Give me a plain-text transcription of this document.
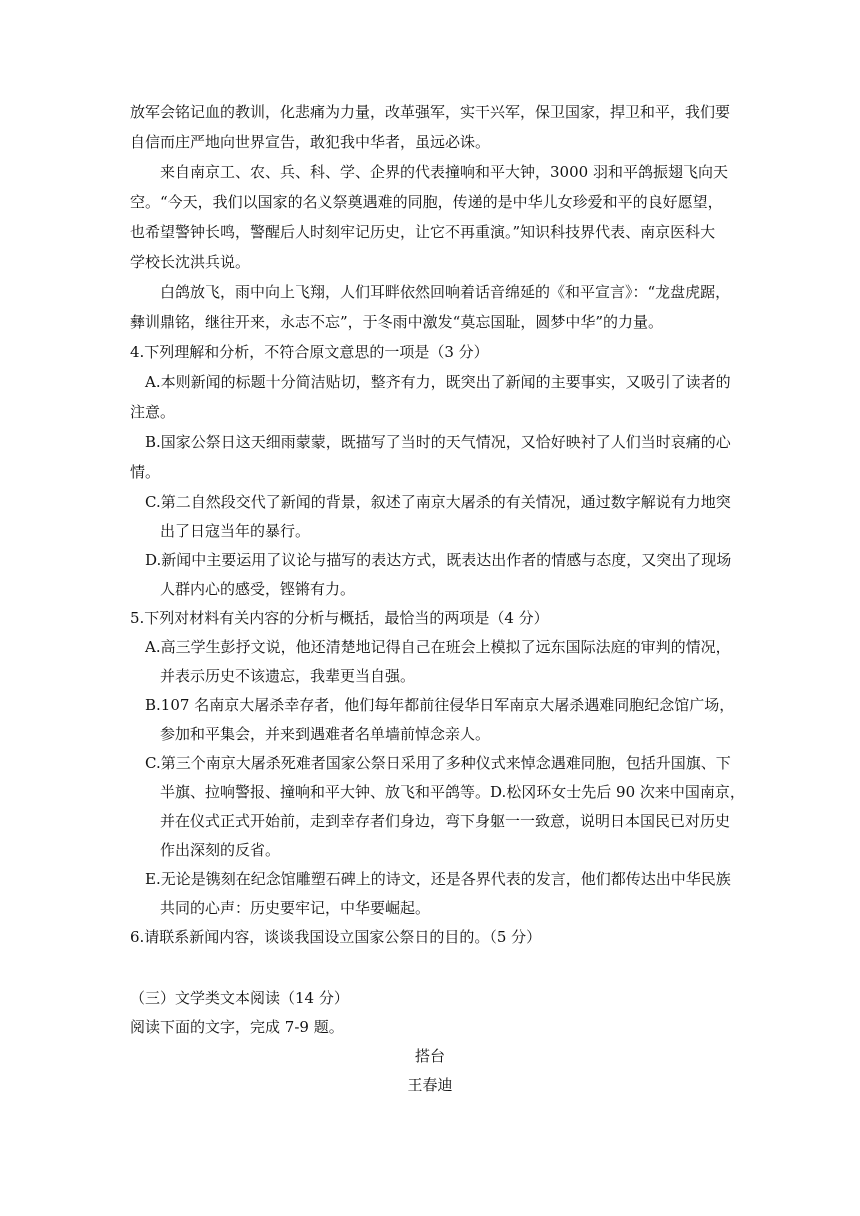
放军会铭记血的教训，化悲痛为力量，改革强军，实干兴军，保卫国家，捍卫和平，我们要
自信而庄严地向世界宣告，敢犯我中华者，虽远必诛。
来自南京工、农、兵、科、学、企界的代表撞响和平大钟，3000 羽和平鸽振翅飞向天
空。“今天，我们以国家的名义祭奠遇难的同胞，传递的是中华儿女珍爱和平的良好愿望，
也希望警钟长鸣，警醒后人时刻牢记历史，让它不再重演。”知识科技界代表、南京医科大
学校长沈洪兵说。
白鸽放飞，雨中向上飞翔，人们耳畔依然回响着话音绵延的《和平宣言》：“龙盘虎踞，
彝训鼎铭，继往开来，永志不忘”，于冬雨中激发“莫忘国耻，圆梦中华”的力量。
4.下列理解和分析，不符合原文意思的一项是（3 分）
A.本则新闻的标题十分简洁贴切，整齐有力，既突出了新闻的主要事实，又吸引了读者的
注意。
B.国家公祭日这天细雨蒙蒙，既描写了当时的天气情况，又恰好映衬了人们当时哀痛的心
情。
C.第二自然段交代了新闻的背景，叙述了南京大屠杀的有关情况，通过数字解说有力地突
出了日寇当年的暴行。
D.新闻中主要运用了议论与描写的表达方式，既表达出作者的情感与态度，又突出了现场
人群内心的感受，铿锵有力。
5.下列对材料有关内容的分析与概括，最恰当的两项是（4 分）
A.高三学生彭抒文说，他还清楚地记得自己在班会上模拟了远东国际法庭的审判的情况，
并表示历史不该遗忘，我辈更当自强。
B.107 名南京大屠杀幸存者，他们每年都前往侵华日军南京大屠杀遇难同胞纪念馆广场，
参加和平集会，并来到遇难者名单墙前悼念亲人。
C.第三个南京大屠杀死难者国家公祭日采用了多种仪式来悼念遇难同胞，包括升国旗、下
半旗、拉响警报、撞响和平大钟、放飞和平鸽等。D.松冈环女士先后 90 次来中国南京，
并在仪式正式开始前，走到幸存者们身边，弯下身躯一一致意，说明日本国民已对历史
作出深刻的反省。
E.无论是镌刻在纪念馆雕塑石碑上的诗文，还是各界代表的发言，他们都传达出中华民族
共同的心声：历史要牢记，中华要崛起。
6.请联系新闻内容，谈谈我国设立国家公祭日的目的。（5 分）
（三）文学类文本阅读（14 分）
阅读下面的文字，完成 7-9 题。
搭台
王春迪
